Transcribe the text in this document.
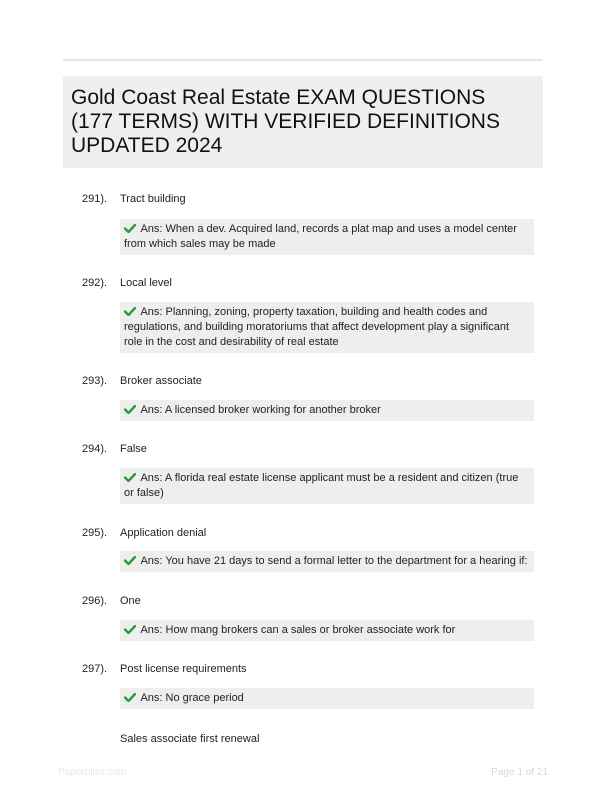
Gold Coast Real Estate EXAM QUESTIONS (177 TERMS) WITH VERIFIED DEFINITIONS UPDATED 2024
291). Tract building
Ans: When a dev. Acquired land, records a plat map and uses a model center from which sales may be made
292). Local level
Ans: Planning, zoning, property taxation, building and health codes and regulations, and building moratoriums that affect development play a significant role in the cost and desirability of real estate
293). Broker associate
Ans: A licensed broker working for another broker
294). False
Ans: A florida real estate license applicant must be a resident and citizen (true or false)
295). Application denial
Ans: You have 21 days to send a formal letter to the department for a hearing if:
296). One
Ans: How mang brokers can a sales or broker associate work for
297). Post license requirements
Ans: No grace period
Sales associate first renewal
Paperbliss.com	Page 1 of 21
